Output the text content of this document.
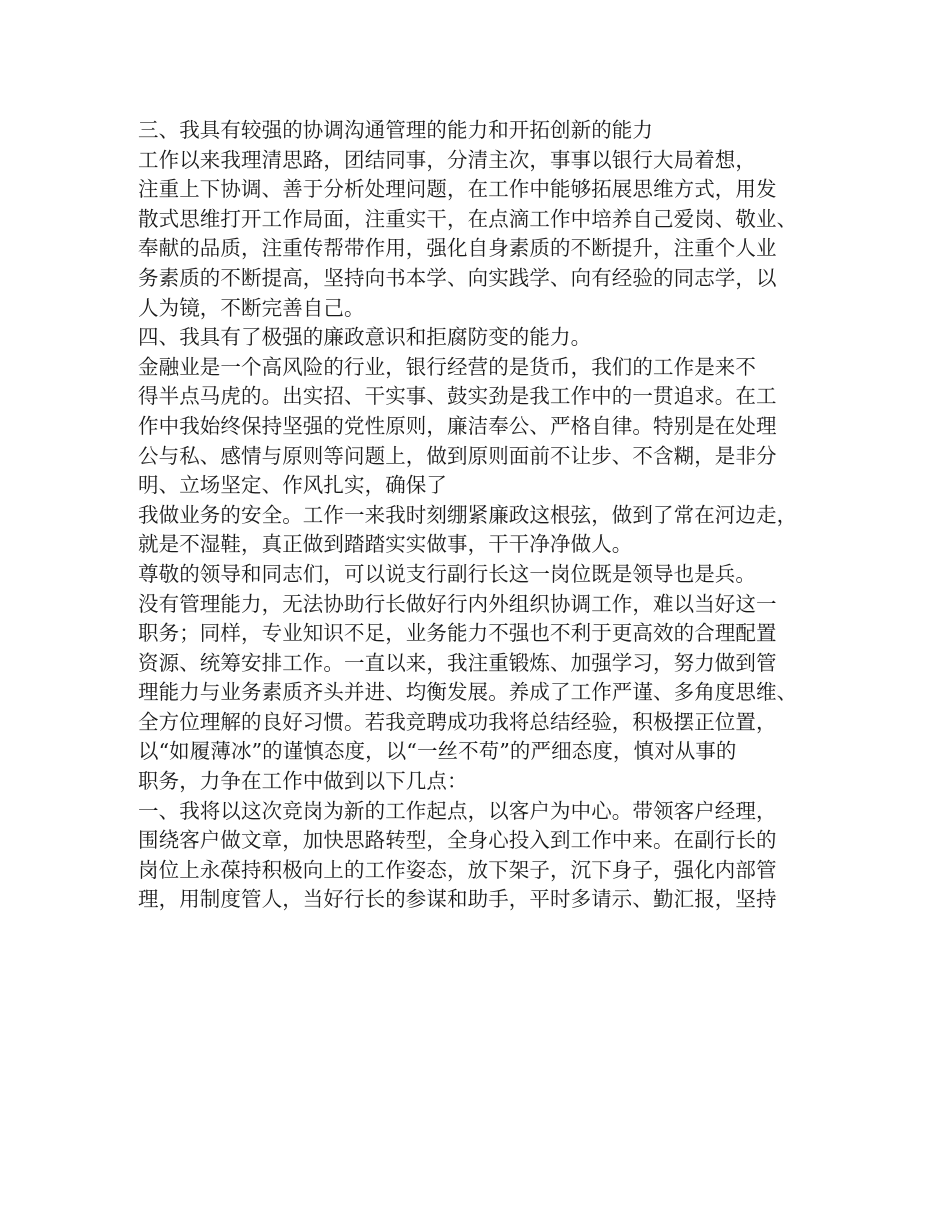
三、我具有较强的协调沟通管理的能力和开拓创新的能力
工作以来我理清思路，团结同事，分清主次，事事以银行大局着想，
注重上下协调、善于分析处理问题，在工作中能够拓展思维方式，用发
散式思维打开工作局面，注重实干，在点滴工作中培养自己爱岗、敬业、
奉献的品质，注重传帮带作用，强化自身素质的不断提升，注重个人业
务素质的不断提高，坚持向书本学、向实践学、向有经验的同志学，以
人为镜，不断完善自己。
四、我具有了极强的廉政意识和拒腐防变的能力。
金融业是一个高风险的行业，银行经营的是货币，我们的工作是来不
得半点马虎的。出实招、干实事、鼓实劲是我工作中的一贯追求。在工
作中我始终保持坚强的党性原则，廉洁奉公、严格自律。特别是在处理
公与私、感情与原则等问题上，做到原则面前不让步、不含糊，是非分
明、立场坚定、作风扎实，确保了
我做业务的安全。工作一来我时刻绷紧廉政这根弦，做到了常在河边走，
就是不湿鞋，真正做到踏踏实实做事，干干净净做人。
尊敬的领导和同志们，可以说支行副行长这一岗位既是领导也是兵。
没有管理能力，无法协助行长做好行内外组织协调工作，难以当好这一
职务；同样，专业知识不足，业务能力不强也不利于更高效的合理配置
资源、统筹安排工作。一直以来，我注重锻炼、加强学习，努力做到管
理能力与业务素质齐头并进、均衡发展。养成了工作严谨、多角度思维、
全方位理解的良好习惯。若我竞聘成功我将总结经验，积极摆正位置，
以“如履薄冰”的谨慎态度，以“一丝不苟”的严细态度，慎对从事的
职务，力争在工作中做到以下几点：
一、我将以这次竞岗为新的工作起点，以客户为中心。带领客户经理，
围绕客户做文章，加快思路转型，全身心投入到工作中来。在副行长的
岗位上永葆持积极向上的工作姿态，放下架子，沉下身子，强化内部管
理，用制度管人，当好行长的参谋和助手，平时多请示、勤汇报，坚持
